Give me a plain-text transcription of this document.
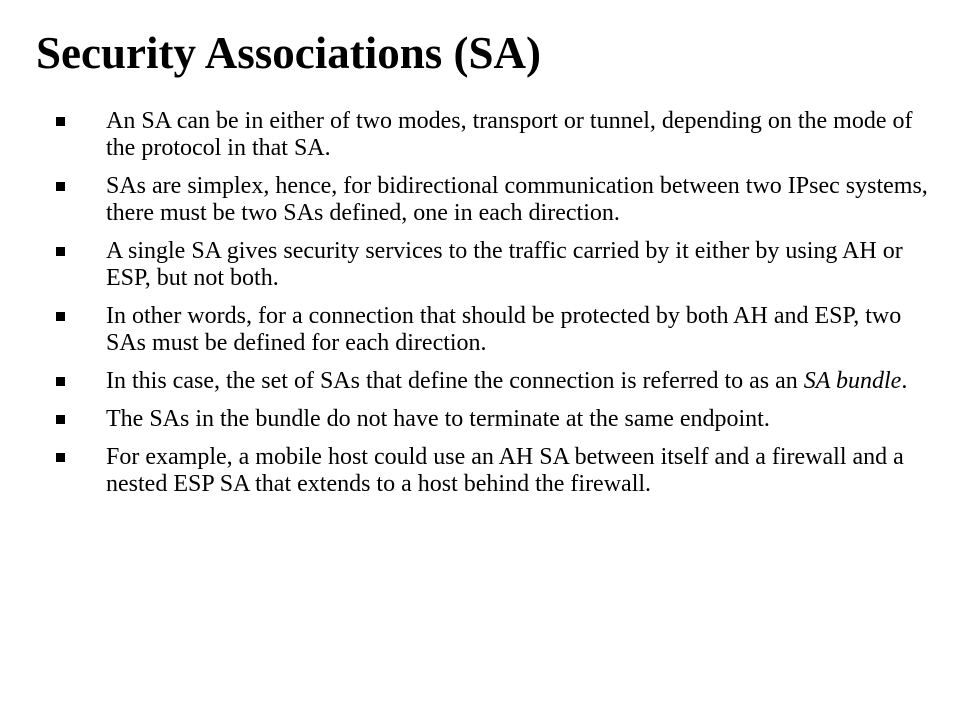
Security Associations (SA)
An SA can be in either of two modes, transport or tunnel, depending on the mode of the protocol in that SA.
SAs are simplex, hence, for bidirectional communication between two IPsec systems, there must be two SAs defined, one in each direction.
A single SA gives security services to the traffic carried by it either by using AH or ESP, but not both.
In other words, for a connection that should be protected by both AH and ESP, two SAs must be defined for each direction.
In this case, the set of SAs that define the connection is referred to as an SA bundle.
The SAs in the bundle do not have to terminate at the same endpoint.
For example, a mobile host could use an AH SA between itself and a firewall and a nested ESP SA that extends to a host behind the firewall.
